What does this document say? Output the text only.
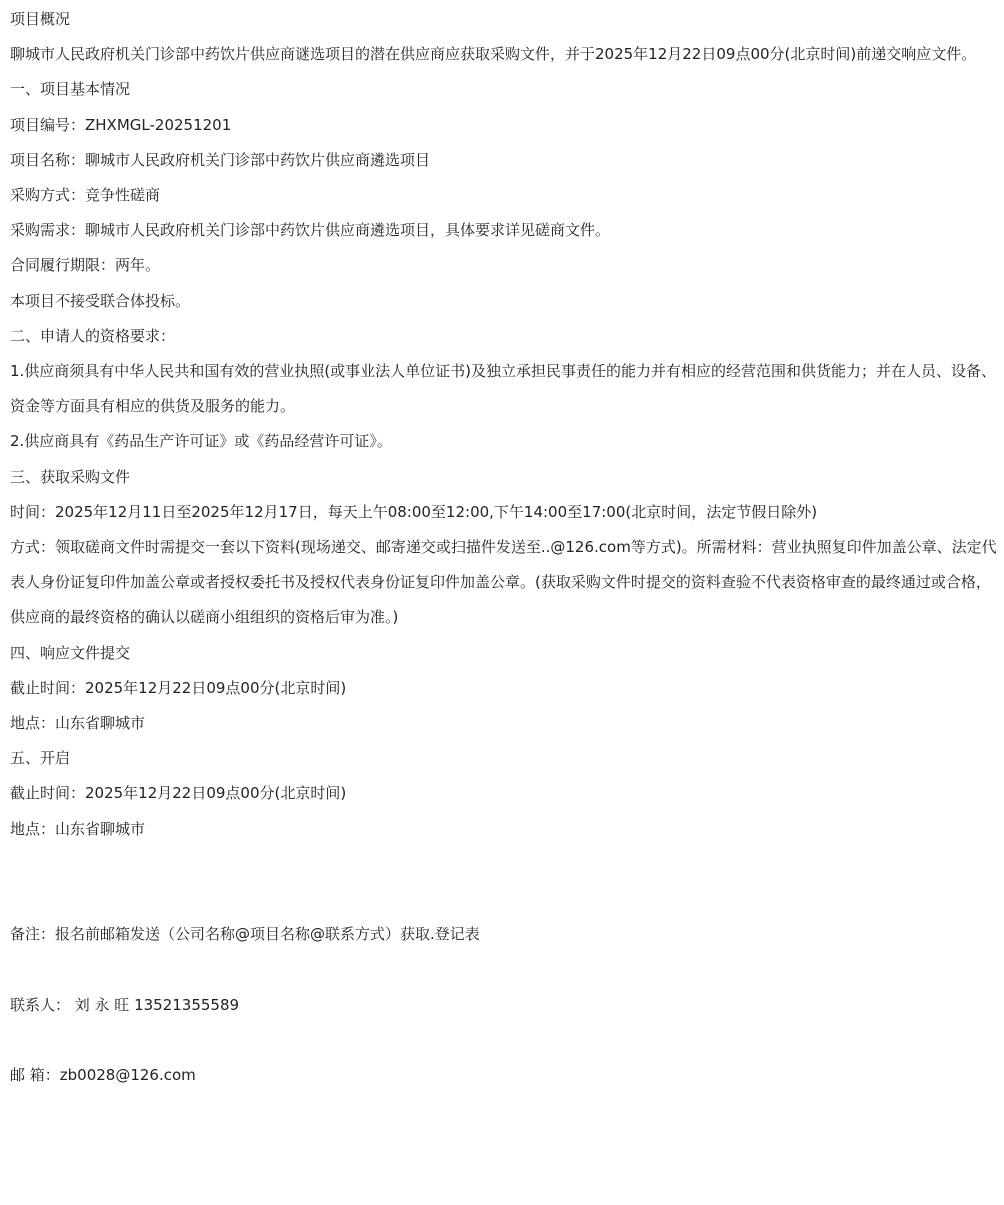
项目概况

聊城市人民政府机关门诊部中药饮片供应商谜选项目的潜在供应商应获取采购文件，并于2025年12月22日09点00分(北京时间)前递交响应文件。

一、项目基本情况

项目编号：ZHXMGL-20251201

项目名称：聊城市人民政府机关门诊部中药饮片供应商遴选项目

采购方式：竞争性磋商

采购需求：聊城市人民政府机关门诊部中药饮片供应商遴选项目，具体要求详见磋商文件。

合同履行期限：两年。

本项目不接受联合体投标。

二、申请人的资格要求：

1.供应商须具有中华人民共和国有效的营业执照(或事业法人单位证书)及独立承担民事责任的能力并有相应的经营范围和供货能力；并在人员、设备、资金等方面具有相应的供货及服务的能力。

2.供应商具有《药品生产许可证》或《药品经营许可证》。

三、获取采购文件

时间：2025年12月11日至2025年12月17日，每天上午08:00至12:00,下午14:00至17:00(北京时间，法定节假日除外)

方式：领取磋商文件时需提交一套以下资料(现场递交、邮寄递交或扫描件发送至..@126.com等方式)。所需材料：营业执照复印件加盖公章、法定代表人身份证复印件加盖公章或者授权委托书及授权代表身份证复印件加盖公章。(获取采购文件时提交的资料查验不代表资格审查的最终通过或合格，供应商的最终资格的确认以磋商小组组织的资格后审为准。)

四、响应文件提交

截止时间：2025年12月22日09点00分(北京时间)

地点：山东省聊城市

五、开启

截止时间：2025年12月22日09点00分(北京时间)

地点：山东省聊城市

备注：报名前邮箱发送（公司名称@项目名称@联系方式）获取.登记表

联系人： 刘 永 旺 13521355589

邮 箱：zb0028@126.com
